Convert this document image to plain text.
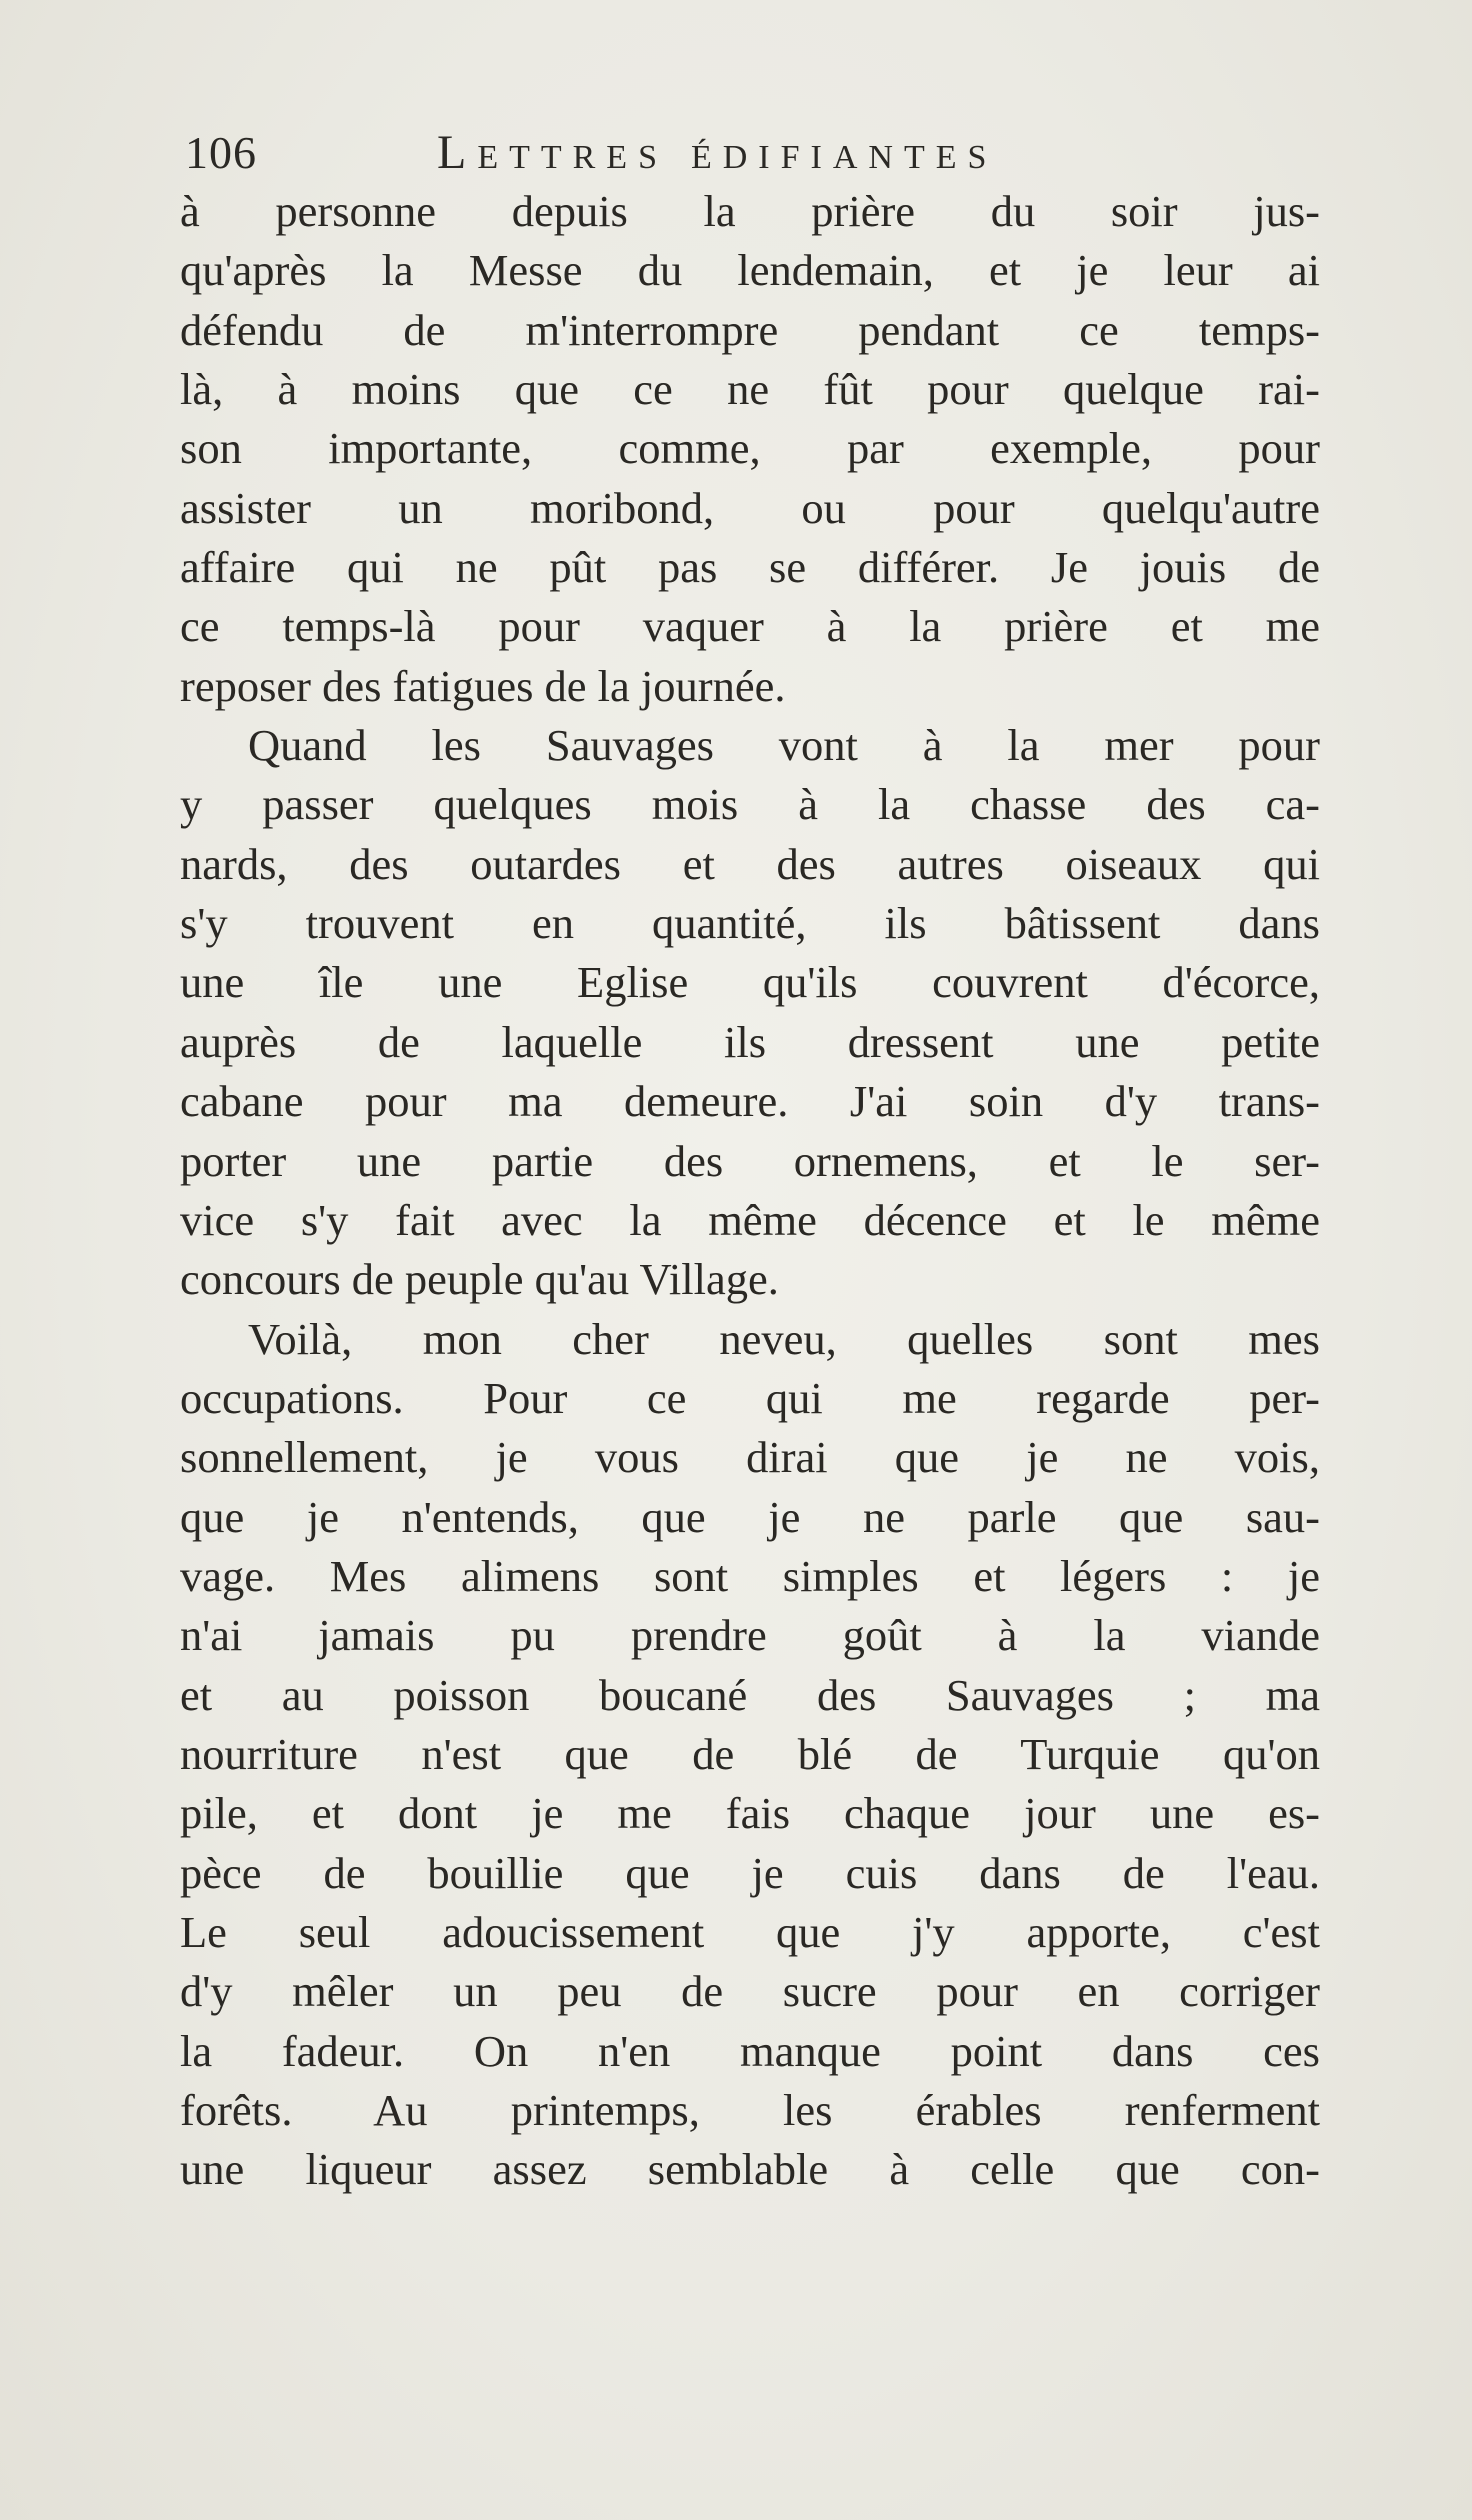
106	Lettres édifiantes
à personne depuis la prière du soir jus-
qu'après la Messe du lendemain, et je leur ai
défendu de m'interrompre pendant ce temps-
là, à moins que ce ne fût pour quelque rai-
son importante, comme, par exemple, pour
assister un moribond, ou pour quelqu'autre
affaire qui ne pût pas se différer. Je jouis de
ce temps-là pour vaquer à la prière et me
reposer des fatigues de la journée.
Quand les Sauvages vont à la mer pour
y passer quelques mois à la chasse des ca-
nards, des outardes et des autres oiseaux qui
s'y trouvent en quantité, ils bâtissent dans
une île une Eglise qu'ils couvrent d'écorce,
auprès de laquelle ils dressent une petite
cabane pour ma demeure. J'ai soin d'y trans-
porter une partie des ornemens, et le ser-
vice s'y fait avec la même décence et le même
concours de peuple qu'au Village.
Voilà, mon cher neveu, quelles sont mes
occupations. Pour ce qui me regarde per-
sonnellement, je vous dirai que je ne vois,
que je n'entends, que je ne parle que sau-
vage. Mes alimens sont simples et légers : je
n'ai jamais pu prendre goût à la viande
et au poisson boucané des Sauvages ; ma
nourriture n'est que de blé de Turquie qu'on
pile, et dont je me fais chaque jour une es-
pèce de bouillie que je cuis dans de l'eau.
Le seul adoucissement que j'y apporte, c'est
d'y mêler un peu de sucre pour en corriger
la fadeur. On n'en manque point dans ces
forêts. Au printemps, les érables renferment
une liqueur assez semblable à celle que con-
